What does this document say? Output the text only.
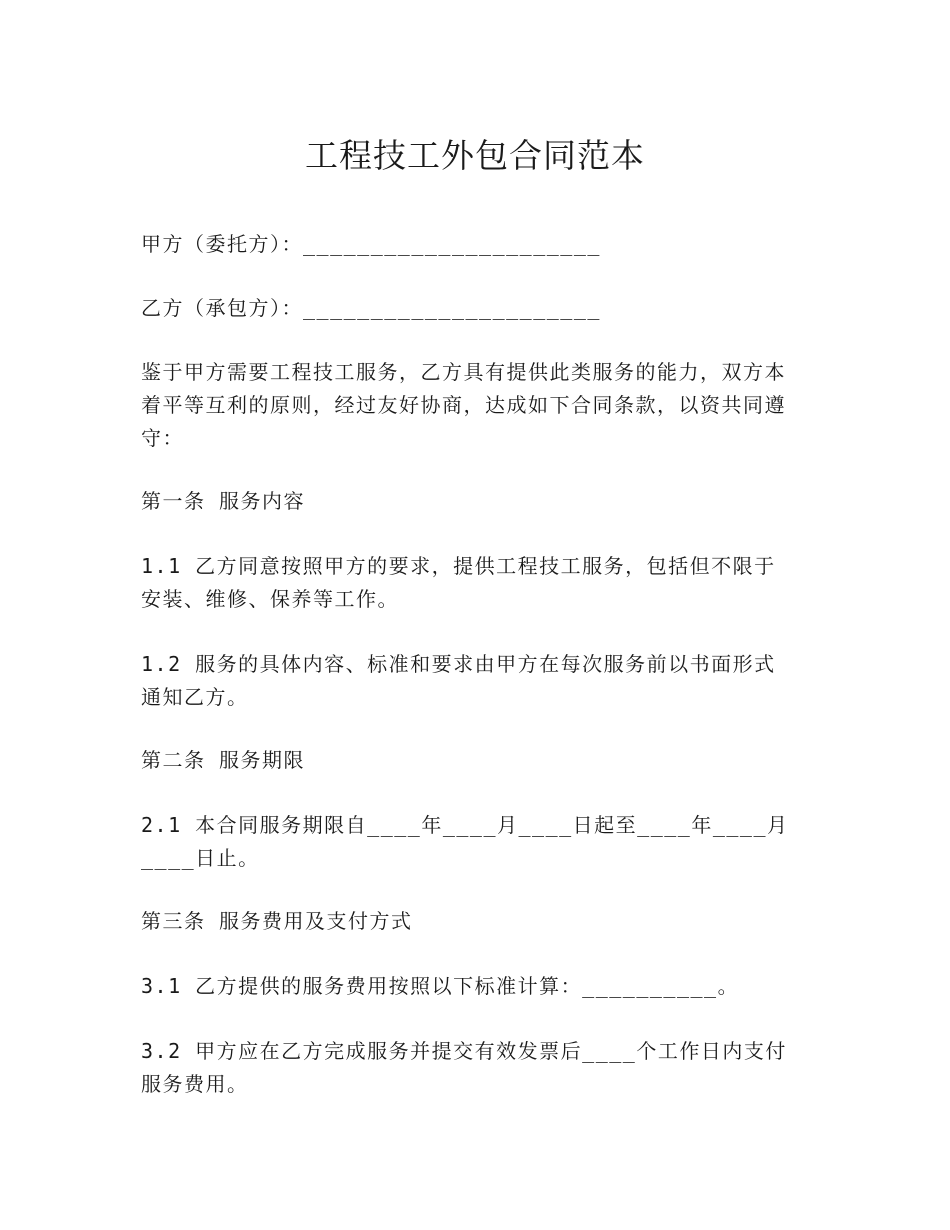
工程技工外包合同范本

甲方（委托方）：______________________

乙方（承包方）：______________________

鉴于甲方需要工程技工服务，乙方具有提供此类服务的能力，双方本着平等互利的原则，经过友好协商，达成如下合同条款，以资共同遵守：

第一条 服务内容

1.1 乙方同意按照甲方的要求，提供工程技工服务，包括但不限于安装、维修、保养等工作。

1.2 服务的具体内容、标准和要求由甲方在每次服务前以书面形式通知乙方。

第二条 服务期限

2.1 本合同服务期限自____年____月____日起至____年____月____日止。

第三条 服务费用及支付方式

3.1 乙方提供的服务费用按照以下标准计算：__________。

3.2 甲方应在乙方完成服务并提交有效发票后____个工作日内支付服务费用。
